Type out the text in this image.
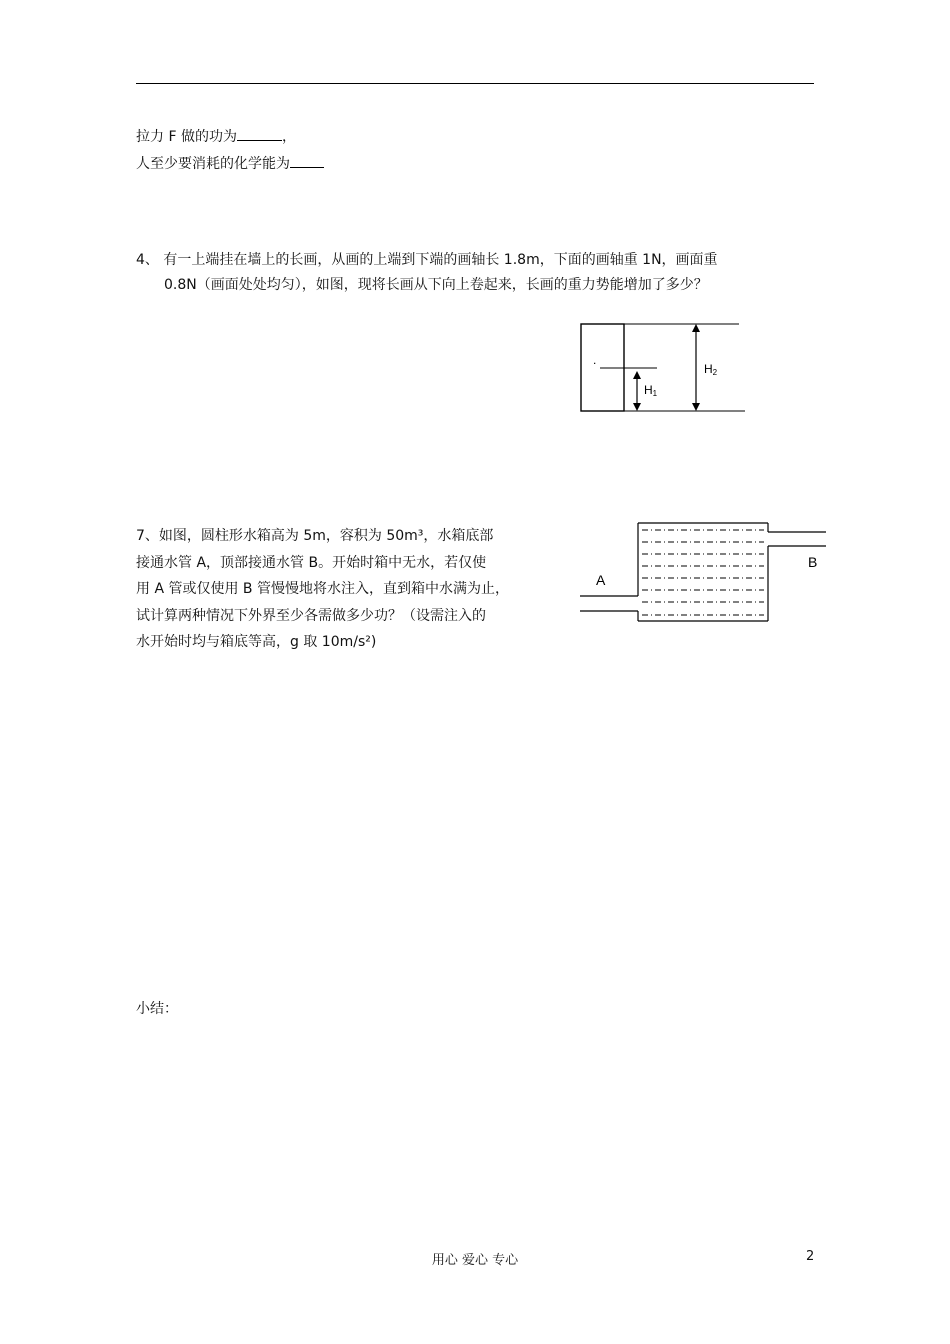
拉力 F 做的功为	，
人至少要消耗的化学能为
4、 有一上端挂在墙上的长画，从画的上端到下端的画轴长 1.8m，下面的画轴重 1N，画面重
0.8N（画面处处均匀），如图，现将长画从下向上卷起来，长画的重力势能增加了多少？
.
H2
H1

7、如图，圆柱形水箱高为 5m，容积为 50m³，水箱底部

接通水管 A，顶部接通水管 B。开始时箱中无水，若仅使

用 A 管或仅使用 B 管慢慢地将水注入，直到箱中水满为止，

试计算两种情况下外界至少各需做多少功？（设需注入的

水开始时均与箱底等高，g 取 10m/s²)

A
B
小结：
用心 爱心 专心	2
